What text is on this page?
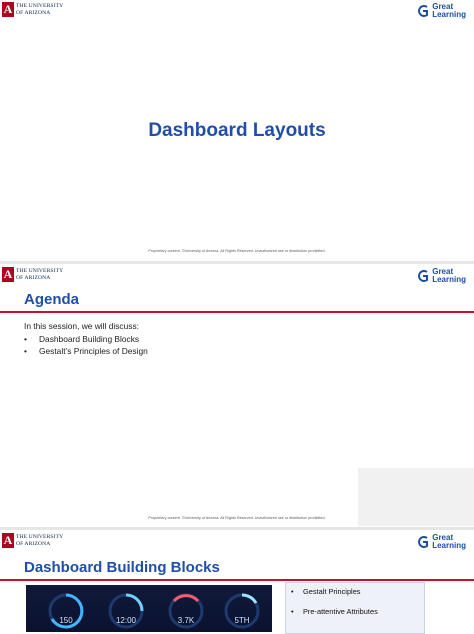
A THE UNIVERSITY
OF ARIZONA
Great
Learning
Dashboard Layouts
Proprietary content. ©University of Arizona. All Rights Reserved. Unauthorized use or distribution prohibited.
A THE UNIVERSITY
OF ARIZONA
Great
Learning
Agenda
In this session, we will discuss:
• Dashboard Building Blocks
• Gestalt’s Principles of Design
Proprietary content. ©University of Arizona. All Rights Reserved. Unauthorized use or distribution prohibited.
A THE UNIVERSITY
OF ARIZONA
Great
Learning
Dashboard Building Blocks
150	12:00	3.7K	5TH
• Gestalt Principles
• Pre-attentive Attributes
